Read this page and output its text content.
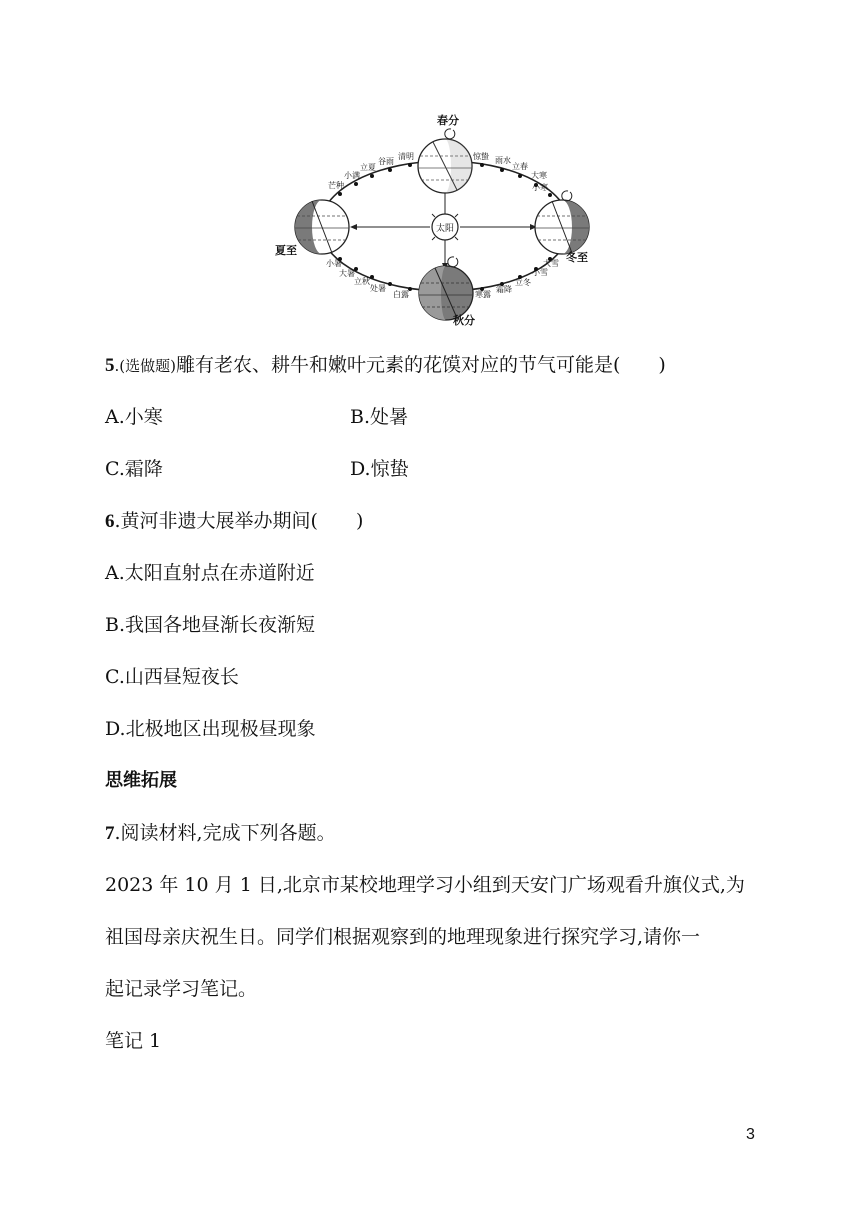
太阳
春分
夏至
秋分
冬至
清明
谷雨
立夏
小满
芒种
惊蛰 雨水
立春
大寒
小寒
小暑
大暑
立秋
处暑
白露	寒露
霜降
立冬
小雪
大雪
5.(选做题)雕有老农、耕牛和嫩叶元素的花馍对应的节气可能是(　　)
A.小寒	B.处暑
C.霜降	D.惊蛰
6.黄河非遗大展举办期间(　　)
A.太阳直射点在赤道附近
B.我国各地昼渐长夜渐短
C.山西昼短夜长
D.北极地区出现极昼现象
思维拓展
7.阅读材料,完成下列各题。
2023 年 10 月 1 日,北京市某校地理学习小组到天安门广场观看升旗仪式,为
祖国母亲庆祝生日。同学们根据观察到的地理现象进行探究学习,请你一
起记录学习笔记。
笔记 1
3
